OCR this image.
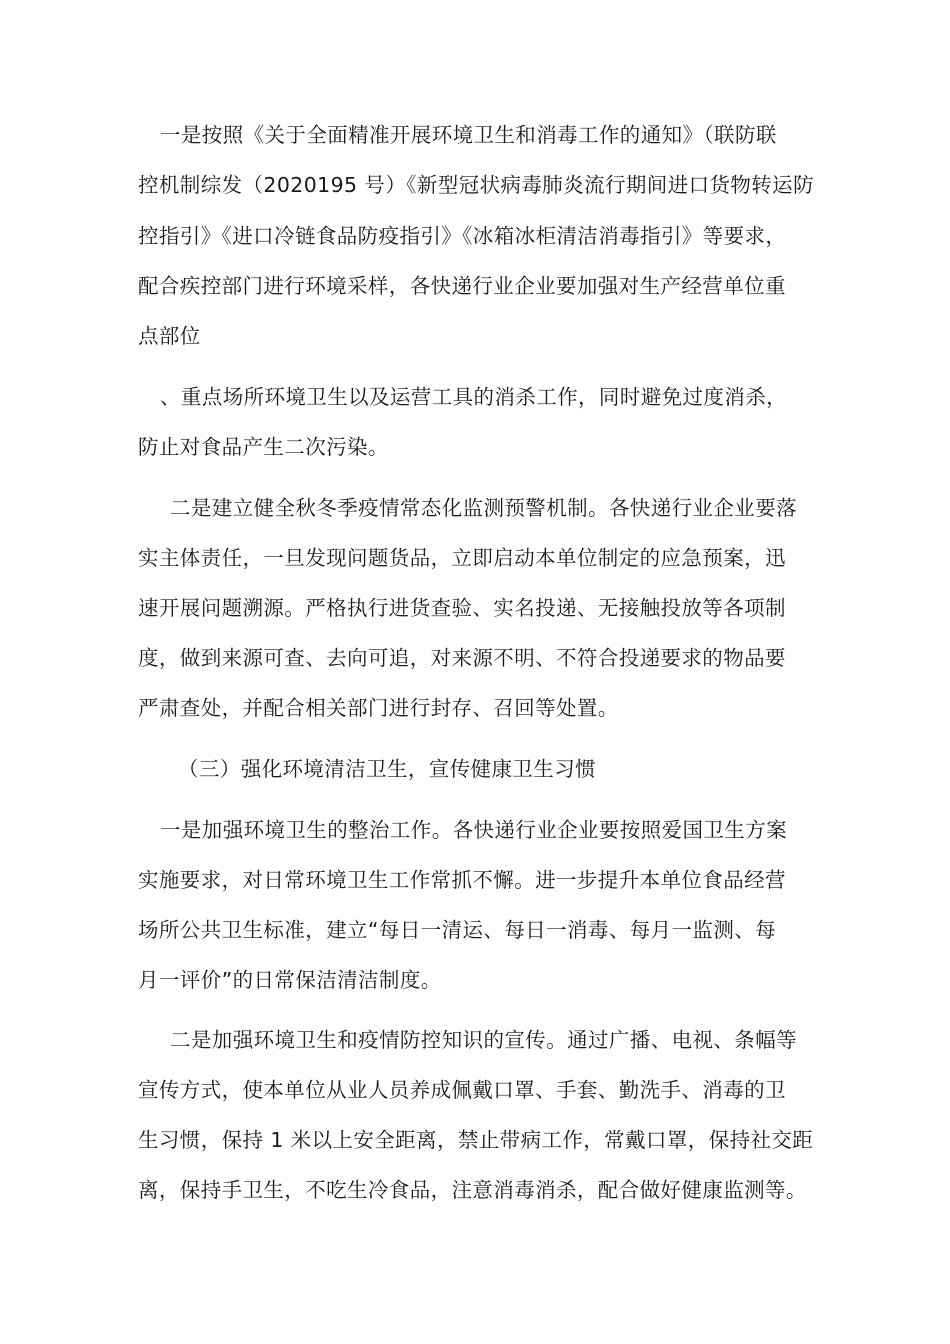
一是按照《关于全面精准开展环境卫生和消毒工作的通知》（联防联
控机制综发（2020195 号）《新型冠状病毒肺炎流行期间进口货物转运防
控指引》《进口冷链食品防疫指引》《冰箱冰柜清洁消毒指引》等要求，
配合疾控部门进行环境采样，各快递行业企业要加强对生产经营单位重
点部位
、重点场所环境卫生以及运营工具的消杀工作，同时避免过度消杀，
防止对食品产生二次污染。
二是建立健全秋冬季疫情常态化监测预警机制。各快递行业企业要落
实主体责任，一旦发现问题货品，立即启动本单位制定的应急预案，迅
速开展问题溯源。严格执行进货查验、实名投递、无接触投放等各项制
度，做到来源可查、去向可追，对来源不明、不符合投递要求的物品要
严肃查处，并配合相关部门进行封存、召回等处置。
（三）强化环境清洁卫生，宣传健康卫生习惯
一是加强环境卫生的整治工作。各快递行业企业要按照爱国卫生方案
实施要求，对日常环境卫生工作常抓不懈。进一步提升本单位食品经营
场所公共卫生标准，建立“每日一清运、每日一消毒、每月一监测、每
月一评价”的日常保洁清洁制度。
二是加强环境卫生和疫情防控知识的宣传。通过广播、电视、条幅等
宣传方式，使本单位从业人员养成佩戴口罩、手套、勤洗手、消毒的卫
生习惯，保持 1 米以上安全距离，禁止带病工作，常戴口罩，保持社交距
离，保持手卫生，不吃生冷食品，注意消毒消杀，配合做好健康监测等。
